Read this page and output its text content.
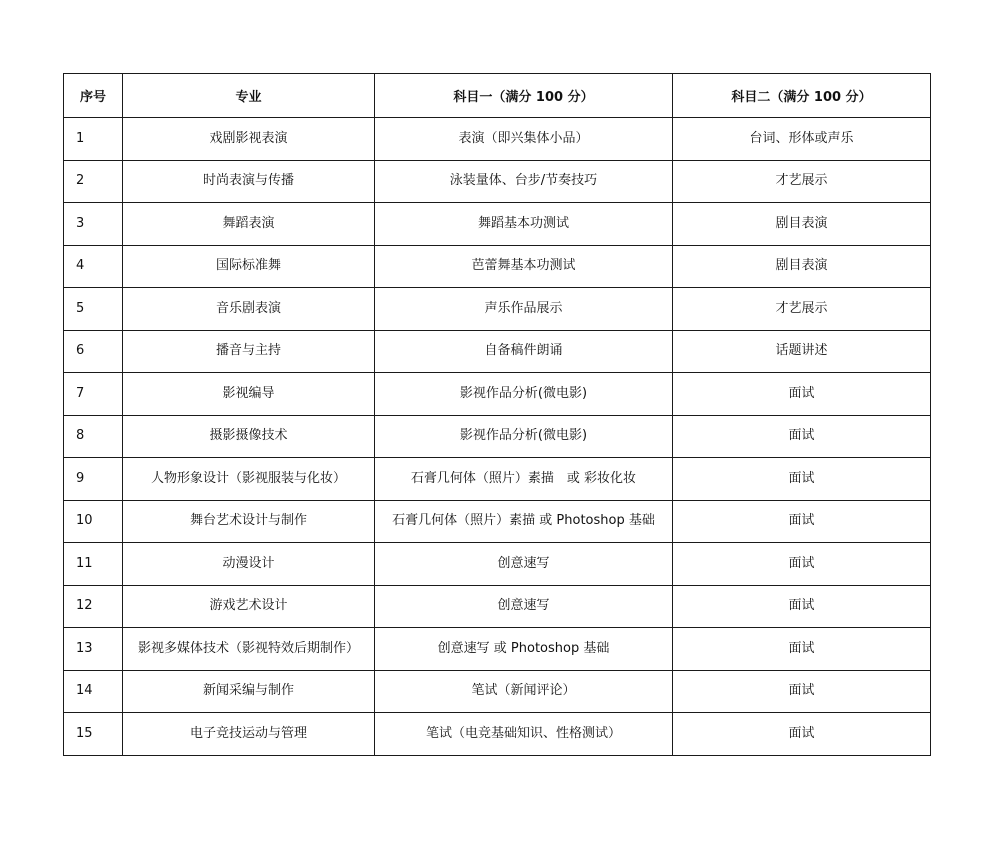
序号	专业	科目一（满分 100 分）	科目二（满分 100 分）
1	戏剧影视表演	表演（即兴集体小品）	台词、形体或声乐
2	时尚表演与传播	泳装量体、台步/节奏技巧	才艺展示
3	舞蹈表演	舞蹈基本功测试	剧目表演
4	国际标准舞	芭蕾舞基本功测试	剧目表演
5	音乐剧表演	声乐作品展示	才艺展示
6	播音与主持	自备稿件朗诵	话题讲述
7	影视编导	影视作品分析(微电影)	面试
8	摄影摄像技术	影视作品分析(微电影)	面试
9	人物形象设计（影视服装与化妆）	石膏几何体（照片）素描　或 彩妆化妆	面试
10	舞台艺术设计与制作	石膏几何体（照片）素描 或 Photoshop 基础	面试
11	动漫设计	创意速写	面试
12	游戏艺术设计	创意速写	面试
13	影视多媒体技术（影视特效后期制作）	创意速写 或 Photoshop 基础	面试
14	新闻采编与制作	笔试（新闻评论）	面试
15	电子竞技运动与管理	笔试（电竞基础知识、性格测试）	面试
